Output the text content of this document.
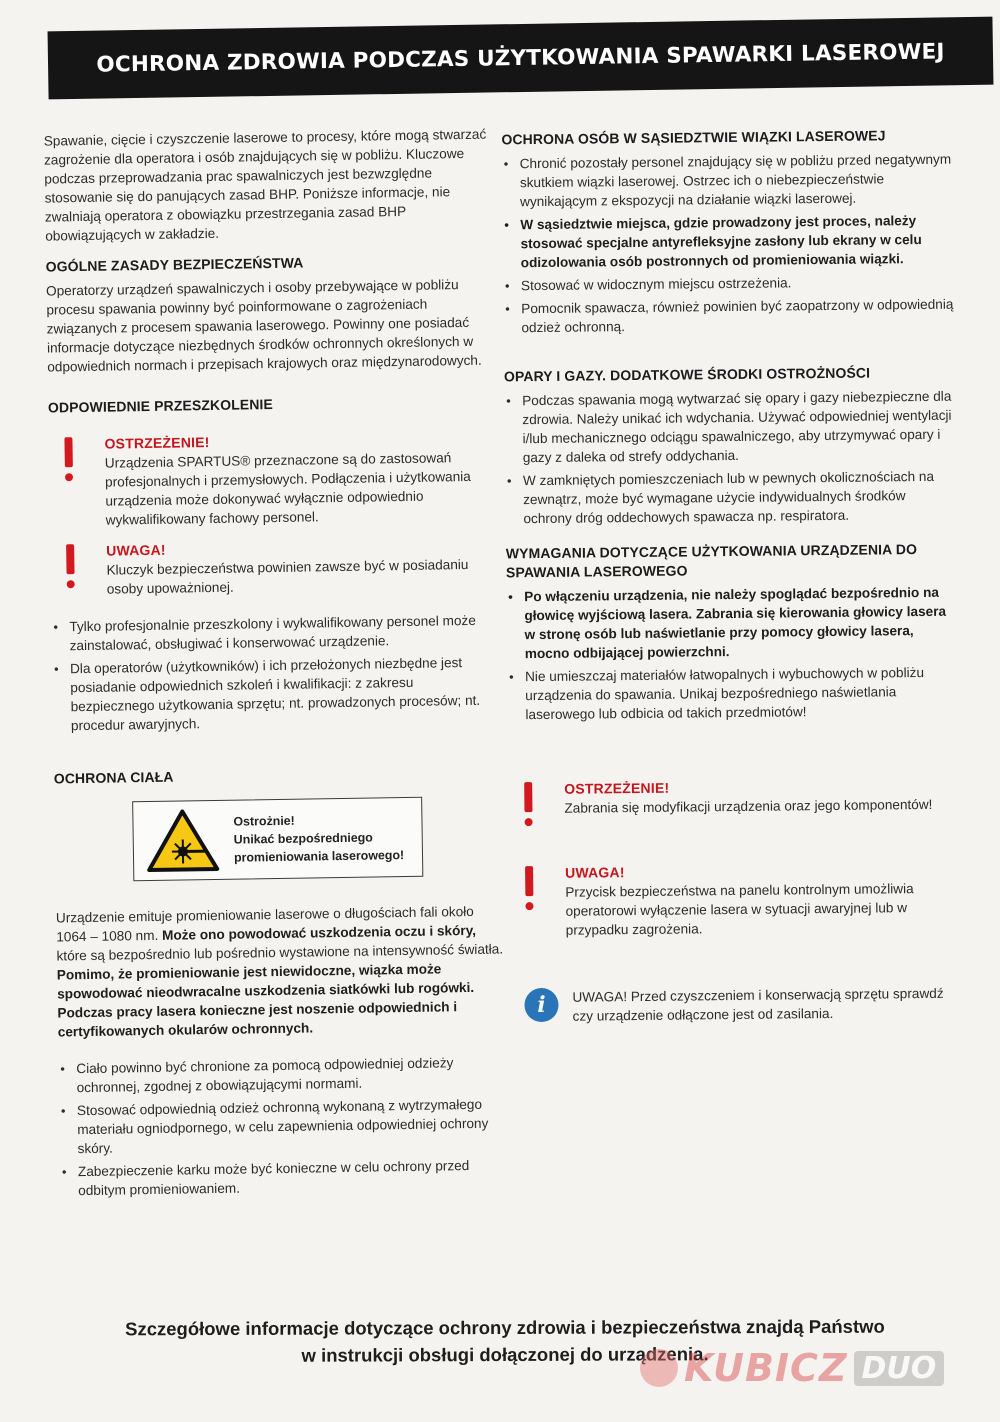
OCHRONA ZDROWIA PODCZAS UŻYTKOWANIA SPAWARKI LASEROWEJ

Spawanie, cięcie i czyszczenie laserowe to procesy, które mogą stwarzać zagrożenie dla operatora i osób znajdujących się w pobliżu. Kluczowe podczas przeprowadzania prac spawalniczych jest bezwzględne stosowanie się do panujących zasad BHP. Poniższe informacje, nie zwalniają operatora z obowiązku przestrzegania zasad BHP obowiązujących w zakładzie.

OGÓLNE ZASADY BEZPIECZEŃSTWA

Operatorzy urządzeń spawalniczych i osoby przebywające w pobliżu procesu spawania powinny być poinformowane o zagrożeniach związanych z procesem spawania laserowego. Powinny one posiadać informacje dotyczące niezbędnych środków ochronnych określonych w odpowiednich normach i przepisach krajowych oraz międzynarodowych.

ODPOWIEDNIE PRZESZKOLENIE
OSTRZEŻENIE!
Urządzenia SPARTUS® przeznaczone są do zastosowań profesjonalnych i przemysłowych. Podłączenia i użytkowania urządzenia może dokonywać wyłącznie odpowiednio wykwalifikowany fachowy personel.
UWAGA!
Kluczyk bezpieczeństwa powinien zawsze być w posiadaniu osoby upoważnionej.
• Tylko profesjonalnie przeszkolony i wykwalifikowany personel może zainstalować, obsługiwać i konserwować urządzenie.
• Dla operatorów (użytkowników) i ich przełożonych niezbędne jest posiadanie odpowiednich szkoleń i kwalifikacji: z zakresu bezpiecznego użytkowania sprzętu; nt. prowadzonych procesów; nt. procedur awaryjnych.
OCHRONA CIAŁA
Ostrożnie!
Unikać bezpośredniego
promieniowania laserowego!

Urządzenie emituje promieniowanie laserowe o długościach fali około 1064 – 1080 nm. Może ono powodować uszkodzenia oczu i skóry, które są bezpośrednio lub pośrednio wystawione na intensywność światła. Pomimo, że promieniowanie jest niewidoczne, wiązka może spowodować nieodwracalne uszkodzenia siatkówki lub rogówki. Podczas pracy lasera konieczne jest noszenie odpowiednich i certyfikowanych okularów ochronnych.

• Ciało powinno być chronione za pomocą odpowiedniej odzieży ochronnej, zgodnej z obowiązującymi normami.
• Stosować odpowiednią odzież ochronną wykonaną z wytrzymałego materiału ogniodpornego, w celu zapewnienia odpowiedniej ochrony skóry.
• Zabezpieczenie karku może być konieczne w celu ochrony przed odbitym promieniowaniem.
OCHRONA OSÓB W SĄSIEDZTWIE WIĄZKI LASEROWEJ
• Chronić pozostały personel znajdujący się w pobliżu przed negatywnym skutkiem wiązki laserowej. Ostrzec ich o niebezpieczeństwie wynikającym z ekspozycji na działanie wiązki laserowej.
• W sąsiedztwie miejsca, gdzie prowadzony jest proces, należy stosować specjalne antyrefleksyjne zasłony lub ekrany w celu odizolowania osób postronnych od promieniowania wiązki.
• Stosować w widocznym miejscu ostrzeżenia.
• Pomocnik spawacza, również powinien być zaopatrzony w odpowiednią odzież ochronną.
OPARY I GAZY. DODATKOWE ŚRODKI OSTROŻNOŚCI
• Podczas spawania mogą wytwarzać się opary i gazy niebezpieczne dla zdrowia. Należy unikać ich wdychania. Używać odpowiedniej wentylacji i/lub mechanicznego odciągu spawalniczego, aby utrzymywać opary i gazy z daleka od strefy oddychania.
• W zamkniętych pomieszczeniach lub w pewnych okolicznościach na zewnątrz, może być wymagane użycie indywidualnych środków ochrony dróg oddechowych spawacza np. respiratora.
WYMAGANIA DOTYCZĄCE UŻYTKOWANIA URZĄDZENIA DO SPAWANIA LASEROWEGO
• Po włączeniu urządzenia, nie należy spoglądać bezpośrednio na głowicę wyjściową lasera. Zabrania się kierowania głowicy lasera w stronę osób lub naświetlanie przy pomocy głowicy lasera, mocno odbijającej powierzchni.
• Nie umieszczaj materiałów łatwopalnych i wybuchowych w pobliżu urządzenia do spawania. Unikaj bezpośredniego naświetlania laserowego lub odbicia od takich przedmiotów!
OSTRZEŻENIE!
Zabrania się modyfikacji urządzenia oraz jego komponentów!
UWAGA!
Przycisk bezpieczeństwa na panelu kontrolnym umożliwia operatorowi wyłączenie lasera w sytuacji awaryjnej lub w przypadku zagrożenia.
i	UWAGA! Przed czyszczeniem i konserwacją sprzętu sprawdź czy urządzenie odłączone jest od zasilania.
Szczegółowe informacje dotyczące ochrony zdrowia i bezpieczeństwa znajdą Państwo
w instrukcji obsługi dołączonej do urządzenia.
KUBICZ DUO
